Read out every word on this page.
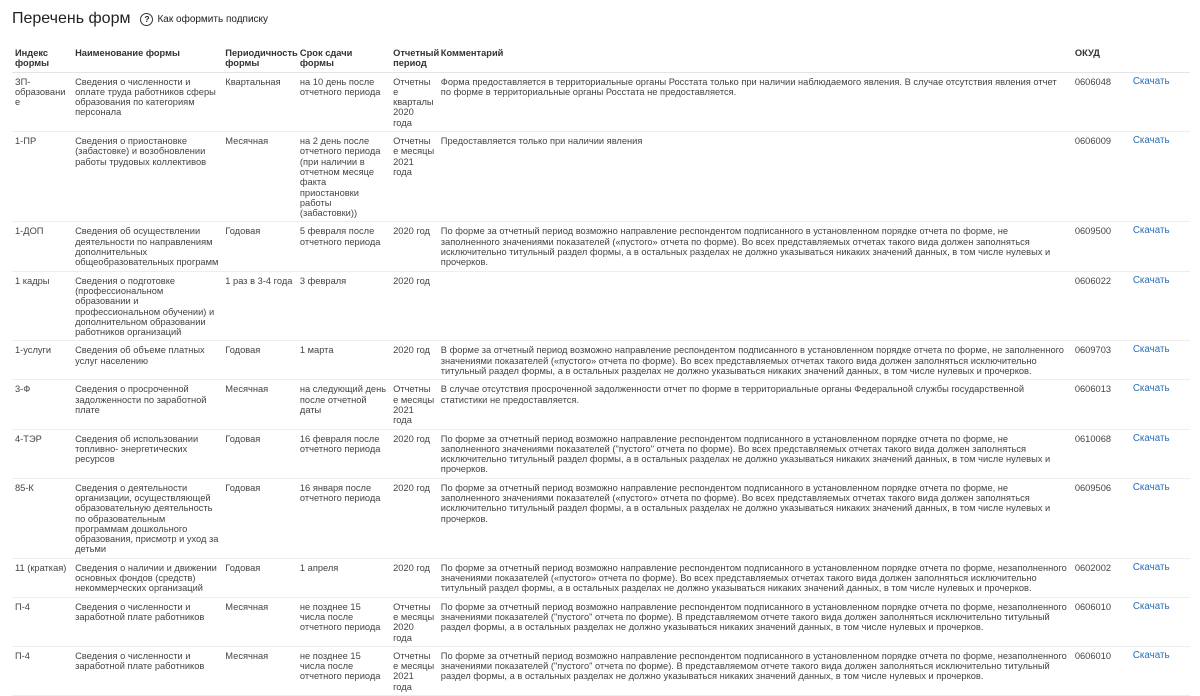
Перечень форм	? Как оформить подписку
Индекс формы	Наименование формы	Периодичность формы	Срок сдачи формы	Отчетный период	Комментарий	ОКУД	
ЗП-образование	Сведения о численности и оплате труда работников сферы образования по категориям персонала	Квартальная	на 10 день после отчетного периода	Отчетные кварталы 2020 года	Форма предоставляется в территориальные органы Росстата только при наличии наблюдаемого явления. В случае отсутствия явления отчет по форме в территориальные органы Росстата не предоставляется.	0606048	Скачать
1-ПР	Сведения о приостановке (забастовке) и возобновлении работы трудовых коллективов	Месячная	на 2 день после отчетного периода (при наличии в отчетном месяце факта приостановки работы (забастовки))	Отчетные месяцы 2021 года	Предоставляется только при наличии явления	0606009	Скачать
1-ДОП	Сведения об осуществлении деятельности по направлениям дополнительных общеобразовательных программ	Годовая	5 февраля после отчетного периода	2020 год	По форме за отчетный период возможно направление респондентом подписанного в установленном порядке отчета по форме, не заполненного значениями показателей («пустого» отчета по форме). Во всех представляемых отчетах такого вида должен заполняться исключительно титульный раздел формы, а в остальных разделах не должно указываться никаких значений данных, в том числе нулевых и прочерков.	0609500	Скачать
1 кадры	Сведения о подготовке (профессиональном образовании и профессиональном обучении) и дополнительном образовании работников организаций	1 раз в 3-4 года	3 февраля	2020 год		0606022	Скачать
1-услуги	Сведения об объеме платных услуг населению	Годовая	1 марта	2020 год	В форме за отчетный период возможно направление респондентом подписанного в установленном порядке отчета по форме, не заполненного значениями показателей («пустого» отчета по форме). Во всех представляемых отчетах такого вида должен заполняться исключительно титульный раздел формы, а в остальных разделах не должно указываться никаких значений данных, в том числе нулевых и прочерков.	0609703	Скачать
3-Ф	Сведения о просроченной задолженности по заработной плате	Месячная	на следующий день после отчетной даты	Отчетные месяцы 2021 года	В случае отсутствия просроченной задолженности отчет по форме в территориальные органы Федеральной службы государственной статистики не предоставляется.	0606013	Скачать
4-ТЭР	Сведения об использовании топливно- энергетических ресурсов	Годовая	16 февраля после отчетного периода	2020 год	По форме за отчетный период возможно направление респондентом подписанного в установленном порядке отчета по форме, не заполненного значениями показателей ("пустого" отчета по форме). Во всех представляемых отчетах такого вида должен заполняться исключительно титульный раздел формы, а в остальных разделах не должно указываться никаких значений данных, в том числе нулевых и прочерков.	0610068	Скачать
85-К	Сведения о деятельности организации, осуществляющей образовательную деятельность по образовательным программам дошкольного образования, присмотр и уход за детьми	Годовая	16 января после отчетного периода	2020 год	По форме за отчетный период возможно направление респондентом подписанного в установленном порядке отчета по форме, не заполненного значениями показателей («пустого» отчета по форме). Во всех представляемых отчетах такого вида должен заполняться исключительно титульный раздел формы, а в остальных разделах не должно указываться никаких значений данных, в том числе нулевых и прочерков.	0609506	Скачать
11 (краткая)	Сведения о наличии и движении основных фондов (средств) некоммерческих организаций	Годовая	1 апреля	2020 год	По форме за отчетный период возможно направление респондентом подписанного в установленном порядке отчета по форме, незаполненного значениями показателей («пустого» отчета по форме). Во всех представляемых отчетах такого вида должен заполняться исключительно титульный раздел формы, а в остальных разделах не должно указываться никаких значений данных, в том числе нулевых и прочерков.	0602002	Скачать
П-4	Сведения о численности и заработной плате работников	Месячная	не позднее 15 числа после отчетного периода	Отчетные месяцы 2020 года	По форме за отчетный период возможно направление респондентом подписанного в установленном порядке отчета по форме, незаполненного значениями показателей ("пустого" отчета по форме). В представляемом отчете такого вида должен заполняться исключительно титульный раздел формы, а в остальных разделах не должно указываться никаких значений данных, в том числе нулевых и прочерков.	0606010	Скачать
П-4	Сведения о численности и заработной плате работников	Месячная	не позднее 15 числа после отчетного периода	Отчетные месяцы 2021 года	По форме за отчетный период возможно направление респондентом подписанного в установленном порядке отчета по форме, незаполненного значениями показателей ("пустого" отчета по форме). В представляемом отчете такого вида должен заполняться исключительно титульный раздел формы, а в остальных разделах не должно указываться никаких значений данных, в том числе нулевых и прочерков.	0606010	Скачать
